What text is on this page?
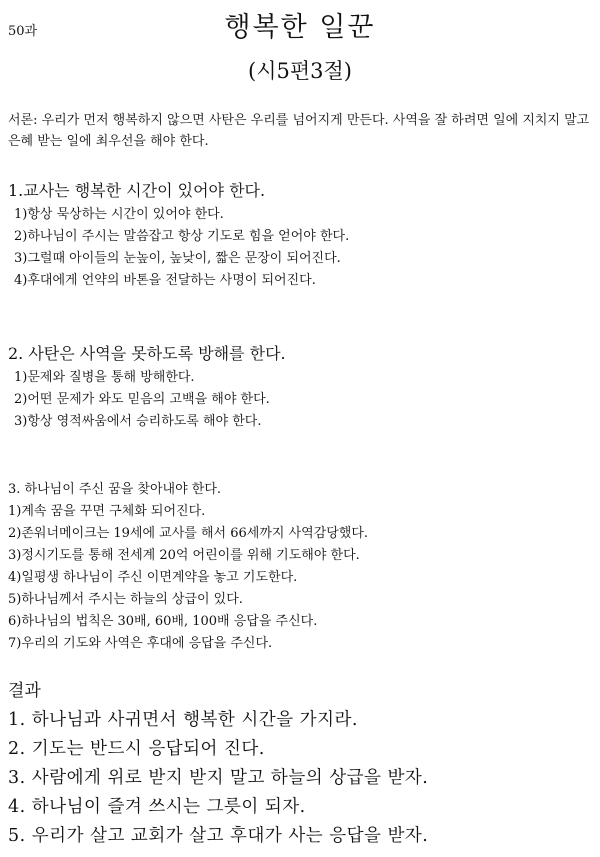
50과	행복한 일꾼
(시5편3절)
서론: 우리가 먼저 행복하지 않으면 사탄은 우리를 넘어지게 만든다. 사역을 잘 하려면 일에 지치지 말고 은혜 받는 일에 최우선을 해야 한다.
1.교사는 행복한 시간이 있어야 한다.
1)항상 묵상하는 시간이 있어야 한다.
2)하나님이 주시는 말씀잡고 항상 기도로 힘을 얻어야 한다.
3)그럴때 아이들의 눈높이, 높낮이, 짧은 문장이 되어진다.
4)후대에게 언약의 바톤을 전달하는 사명이 되어진다.
2. 사탄은 사역을 못하도록 방해를 한다.
1)문제와 질병을 통해 방해한다.
2)어떤 문제가 와도 믿음의 고백을 해야 한다.
3)항상 영적싸움에서 승리하도록 해야 한다.
3. 하나님이 주신 꿈을 찾아내야 한다.
1)계속 꿈을 꾸면 구체화 되어진다.
2)존워너메이크는 19세에 교사를 해서 66세까지 사역감당했다.
3)정시기도를 통해 전세계 20억 어린이를 위해 기도해야 한다.
4)일평생 하나님이 주신 이면계약을 놓고 기도한다.
5)하나님께서 주시는 하늘의 상급이 있다.
6)하나님의 법칙은 30배, 60배, 100배 응답을 주신다.
7)우리의 기도와 사역은 후대에 응답을 주신다.
결과
1. 하나님과 사귀면서 행복한 시간을 가지라.
2. 기도는 반드시 응답되어 진다.
3. 사람에게 위로 받지 받지 말고 하늘의 상급을 받자.
4. 하나님이 즐겨 쓰시는 그릇이 되자.
5. 우리가 살고 교회가 살고 후대가 사는 응답을 받자.
